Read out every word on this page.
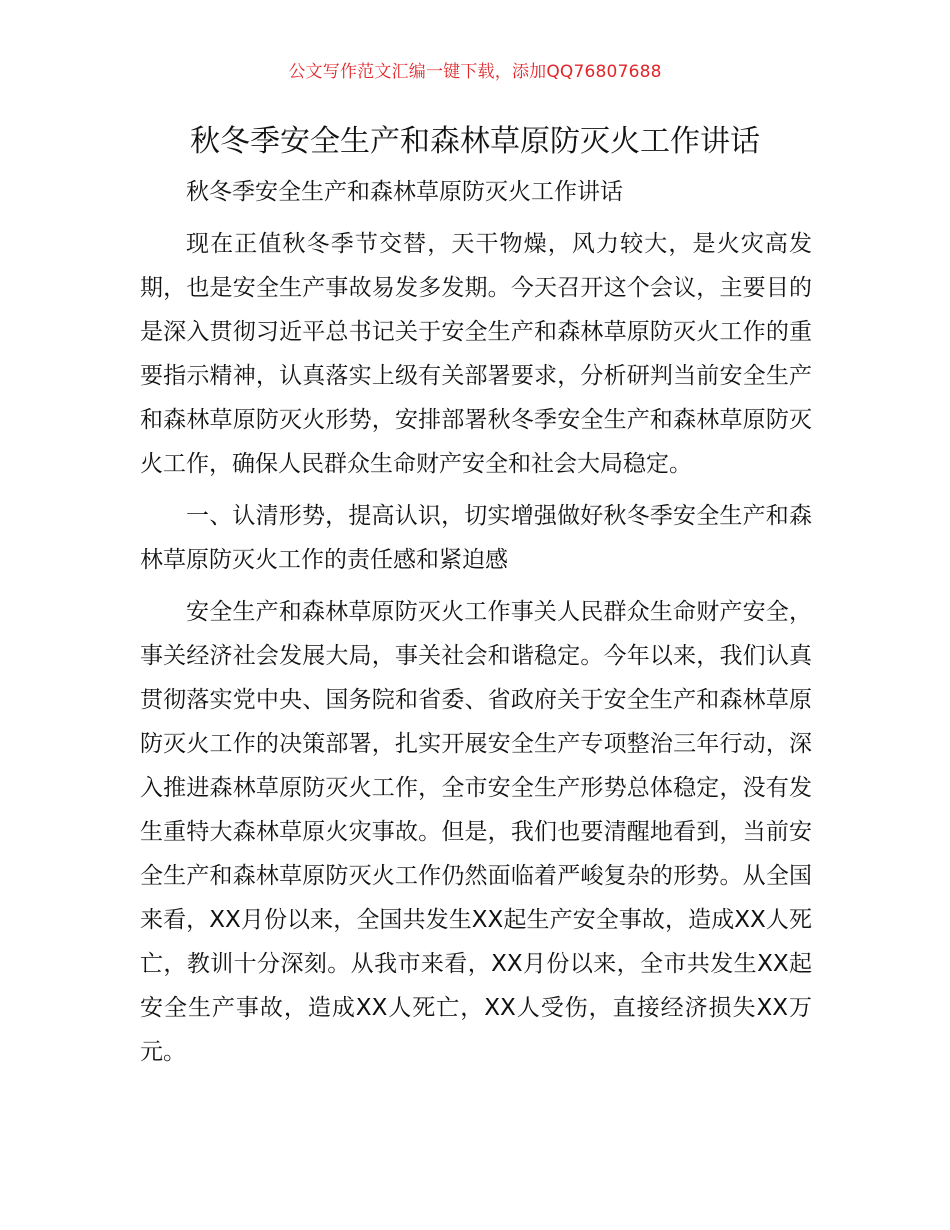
公文写作范文汇编一键下载，添加QQ76807688
秋冬季安全生产和森林草原防灭火工作讲话

秋冬季安全生产和森林草原防灭火工作讲话

现在正值秋冬季节交替，天干物燥，风力较大，是火灾高发期，也是安全生产事故易发多发期。今天召开这个会议，主要目的是深入贯彻习近平总书记关于安全生产和森林草原防灭火工作的重要指示精神，认真落实上级有关部署要求，分析研判当前安全生产和森林草原防灭火形势，安排部署秋冬季安全生产和森林草原防灭火工作，确保人民群众生命财产安全和社会大局稳定。

一、认清形势，提高认识，切实增强做好秋冬季安全生产和森林草原防灭火工作的责任感和紧迫感

安全生产和森林草原防灭火工作事关人民群众生命财产安全，事关经济社会发展大局，事关社会和谐稳定。今年以来，我们认真贯彻落实党中央、国务院和省委、省政府关于安全生产和森林草原防灭火工作的决策部署，扎实开展安全生产专项整治三年行动，深入推进森林草原防灭火工作，全市安全生产形势总体稳定，没有发生重特大森林草原火灾事故。但是，我们也要清醒地看到，当前安全生产和森林草原防灭火工作仍然面临着严峻复杂的形势。从全国来看，XX月份以来，全国共发生XX起生产安全事故，造成XX人死亡，教训十分深刻。从我市来看，XX月份以来，全市共发生XX起安全生产事故，造成XX人死亡，XX人受伤，直接经济损失XX万元。
